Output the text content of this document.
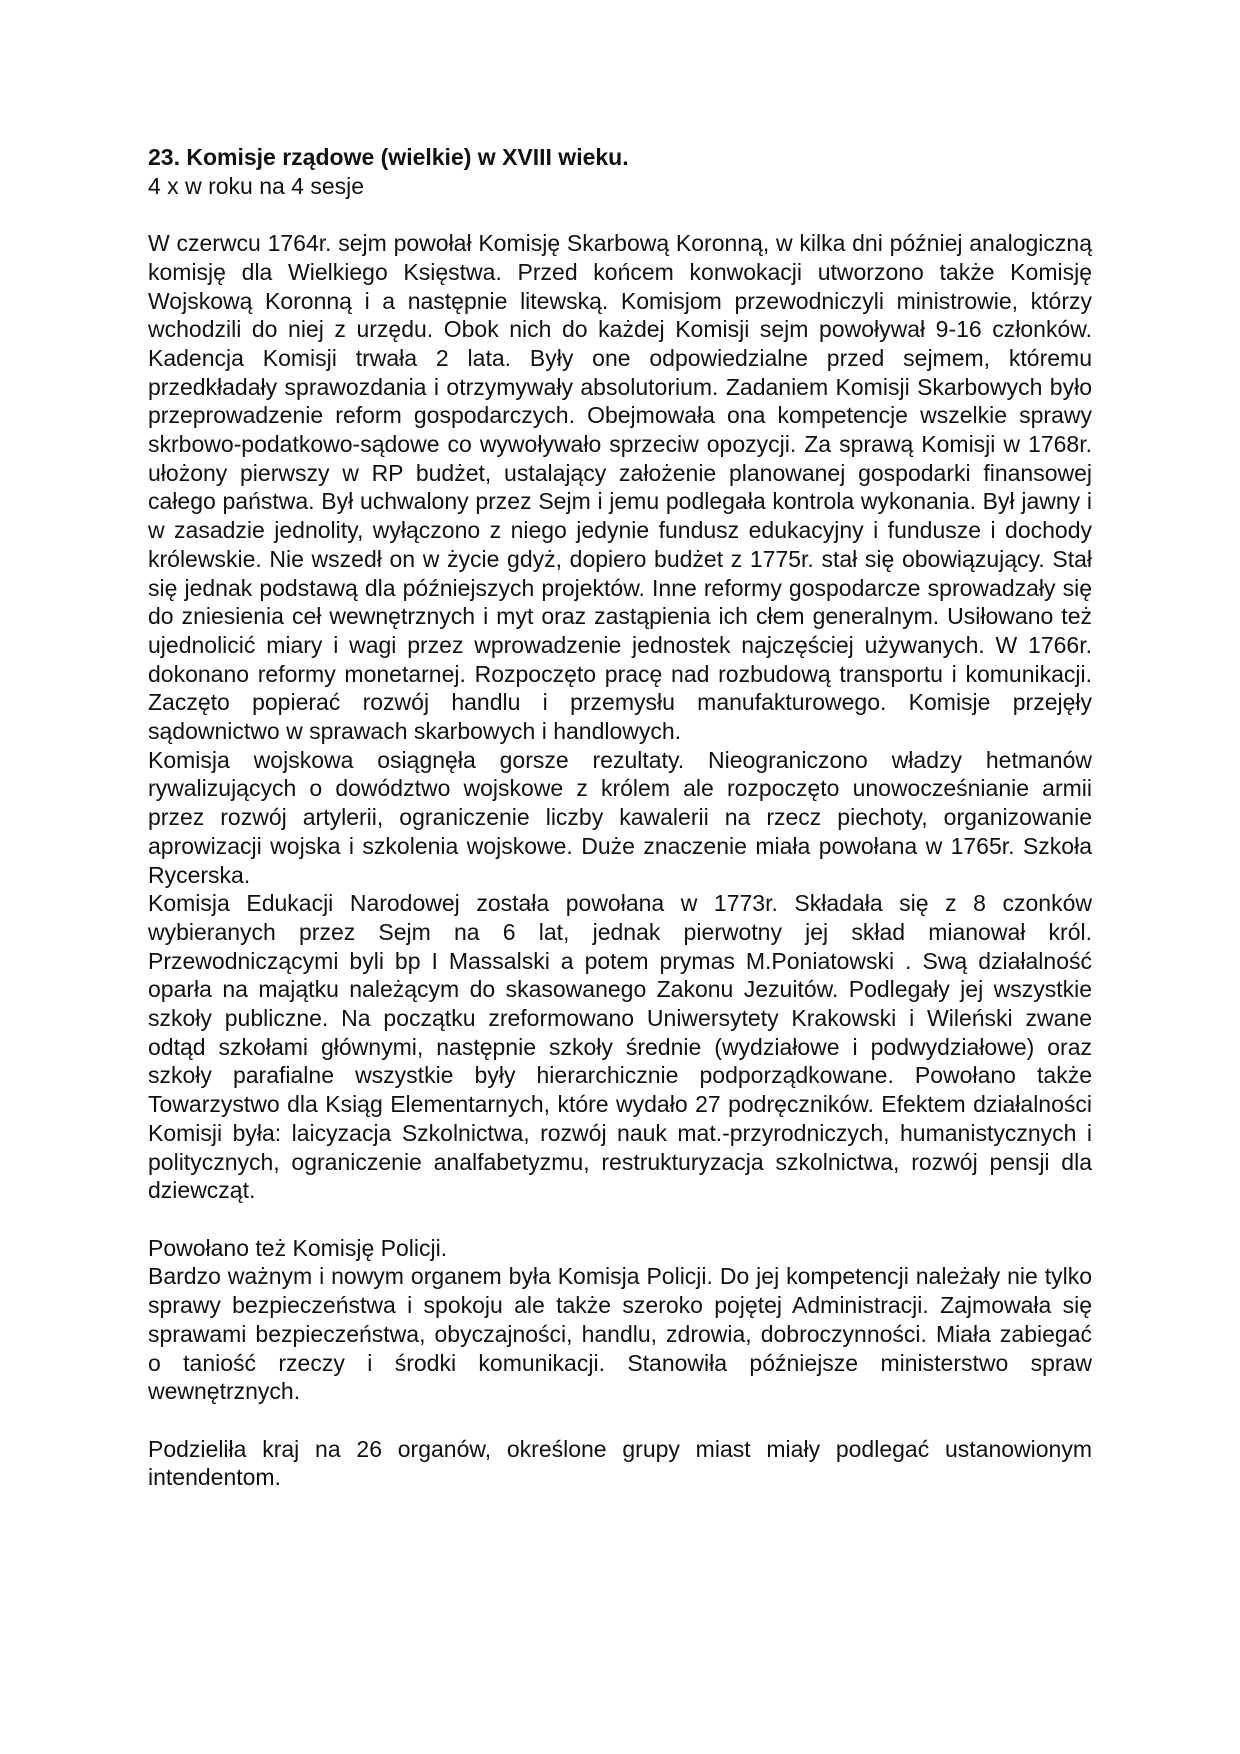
23. Komisje rządowe (wielkie) w XVIII wieku.

4 x w roku na 4 sesje

W czerwcu 1764r. sejm powołał Komisję Skarbową Koronną, w kilka dni później analogiczną komisję dla Wielkiego Księstwa. Przed końcem konwokacji utworzono także Komisję Wojskową Koronną i a następnie litewską. Komisjom przewodniczyli ministrowie, którzy wchodzili do niej z urzędu. Obok nich do każdej Komisji sejm powoływał 9-16 członków. Kadencja Komisji trwała 2 lata. Były one odpowiedzialne przed sejmem, któremu przedkładały sprawozdania i otrzymywały absolutorium. Zadaniem Komisji Skarbowych było przeprowadzenie reform gospodarczych. Obejmowała ona kompetencje wszelkie sprawy skrbowo-podatkowo-sądowe co wywoływało sprzeciw opozycji. Za sprawą Komisji w 1768r. ułożony pierwszy w RP budżet, ustalający założenie planowanej gospodarki finansowej całego państwa. Był uchwalony przez Sejm i jemu podlegała kontrola wykonania. Był jawny i w zasadzie jednolity, wyłączono z niego jedynie fundusz edukacyjny i fundusze i dochody królewskie. Nie wszedł on w życie gdyż, dopiero budżet z 1775r. stał się obowiązujący. Stał się jednak podstawą dla późniejszych projektów. Inne reformy gospodarcze sprowadzały się do zniesienia ceł wewnętrznych i myt oraz zastąpienia ich cłem generalnym. Usiłowano też ujednolicić miary i wagi przez wprowadzenie jednostek najczęściej używanych. W 1766r. dokonano reformy monetarnej. Rozpoczęto pracę nad rozbudową transportu i komunikacji. Zaczęto popierać rozwój handlu i przemysłu manufakturowego. Komisje przejęły sądownictwo w sprawach skarbowych i handlowych.

Komisja wojskowa osiągnęła gorsze rezultaty. Nieograniczono władzy hetmanów rywalizujących o dowództwo wojskowe z królem ale rozpoczęto unowocześnianie armii przez rozwój artylerii, ograniczenie liczby kawalerii na rzecz piechoty, organizowanie aprowizacji wojska i szkolenia wojskowe. Duże znaczenie miała powołana w 1765r. Szkoła Rycerska.

Komisja Edukacji Narodowej została powołana w 1773r. Składała się z 8 czonków wybieranych przez Sejm na 6 lat, jednak pierwotny jej skład mianował król. Przewodniczącymi byli bp I Massalski a potem prymas M.Poniatowski . Swą działalność oparła na majątku należącym do skasowanego Zakonu Jezuitów. Podlegały jej wszystkie szkoły publiczne. Na początku zreformowano Uniwersytety Krakowski i Wileński zwane odtąd szkołami głównymi, następnie szkoły średnie (wydziałowe i podwydziałowe) oraz szkoły parafialne wszystkie były hierarchicznie podporządkowane. Powołano także Towarzystwo dla Ksiąg Elementarnych, które wydało 27 podręczników. Efektem działalności Komisji była: laicyzacja Szkolnictwa, rozwój nauk mat.-przyrodniczych, humanistycznych i politycznych, ograniczenie analfabetyzmu, restrukturyzacja szkolnictwa, rozwój pensji dla dziewcząt.

Powołano też Komisję Policji.

Bardzo ważnym i nowym organem była Komisja Policji. Do jej kompetencji należały nie tylko sprawy bezpieczeństwa i spokoju ale także szeroko pojętej Administracji. Zajmowała się sprawami bezpieczeństwa, obyczajności, handlu, zdrowia, dobroczynności. Miała zabiegać o taniość rzeczy i środki komunikacji. Stanowiła późniejsze ministerstwo spraw wewnętrznych.

Podzieliła kraj na 26 organów, określone grupy miast miały podlegać ustanowionym intendentom.
